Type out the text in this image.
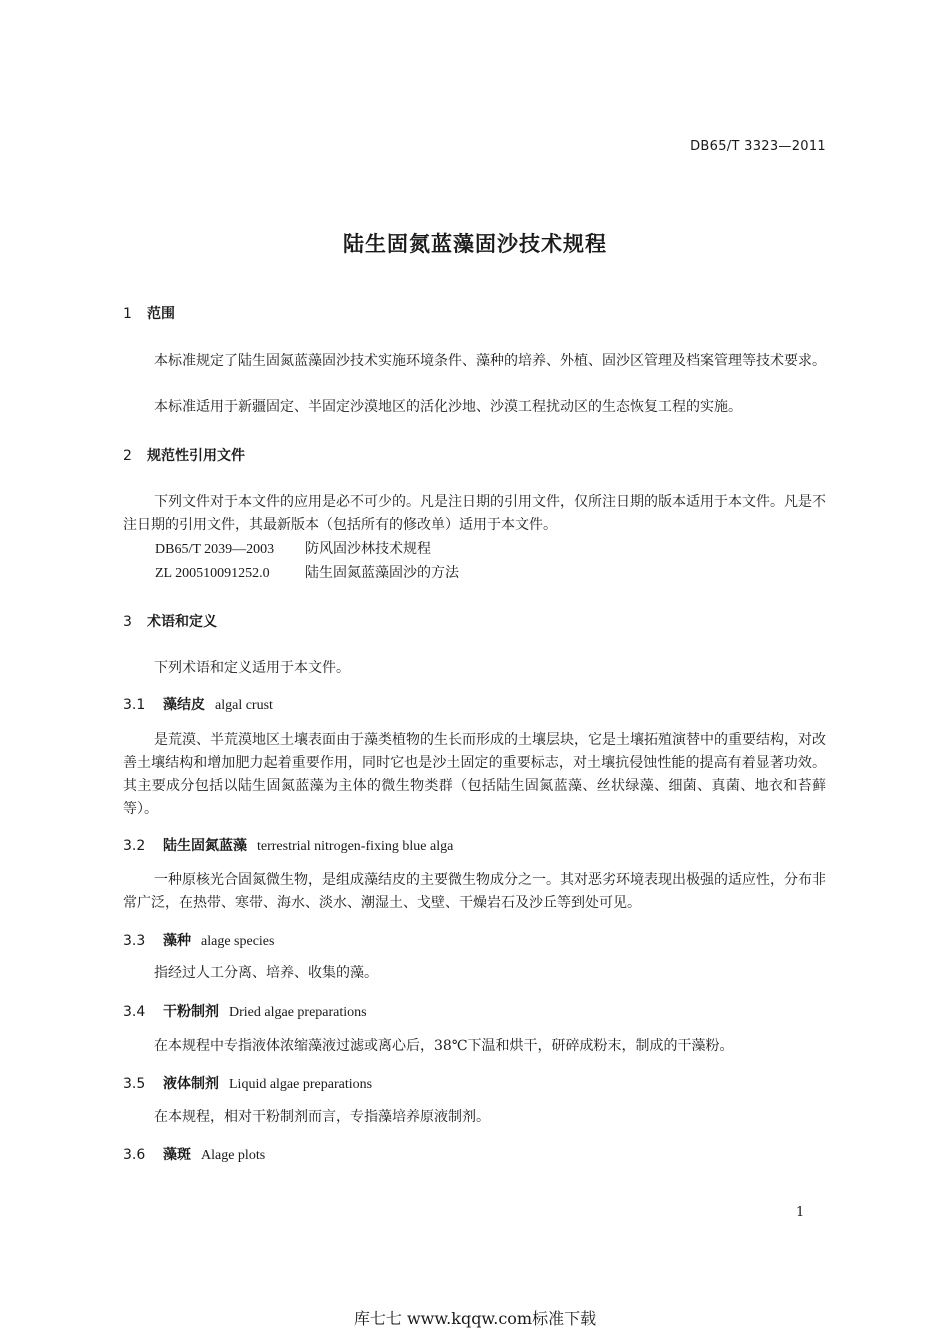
DB65/T 3323—2011
陆生固氮蓝藻固沙技术规程
1 范围
本标准规定了陆生固氮蓝藻固沙技术实施环境条件、藻种的培养、外植、固沙区管理及档案管理等技术要求。
本标准适用于新疆固定、半固定沙漠地区的活化沙地、沙漠工程扰动区的生态恢复工程的实施。
2 规范性引用文件
下列文件对于本文件的应用是必不可少的。凡是注日期的引用文件，仅所注日期的版本适用于本文件。凡是不注日期的引用文件，其最新版本（包括所有的修改单）适用于本文件。
DB65/T 2039—2003 防风固沙林技术规程
ZL 200510091252.0	陆生固氮蓝藻固沙的方法
3 术语和定义
下列术语和定义适用于本文件。
3.1 藻结皮 algal crust
是荒漠、半荒漠地区土壤表面由于藻类植物的生长而形成的土壤层块，它是土壤拓殖演替中的重要结构，对改善土壤结构和增加肥力起着重要作用，同时它也是沙土固定的重要标志，对土壤抗侵蚀性能的提高有着显著功效。其主要成分包括以陆生固氮蓝藻为主体的微生物类群（包括陆生固氮蓝藻、丝状绿藻、细菌、真菌、地衣和苔藓等）。
3.2 陆生固氮蓝藻 terrestrial nitrogen-fixing blue alga
一种原核光合固氮微生物，是组成藻结皮的主要微生物成分之一。其对恶劣环境表现出极强的适应性，分布非常广泛，在热带、寒带、海水、淡水、潮湿土、戈壁、干燥岩石及沙丘等到处可见。
3.3 藻种 alage species
指经过人工分离、培养、收集的藻。
3.4 干粉制剂 Dried algae preparations
在本规程中专指液体浓缩藻液过滤或离心后，38℃下温和烘干，研碎成粉末，制成的干藻粉。
3.5 液体制剂 Liquid algae preparations
在本规程，相对干粉制剂而言，专指藻培养原液制剂。
3.6 藻斑 Alage plots
1
库七七 www.kqqw.com标准下载
